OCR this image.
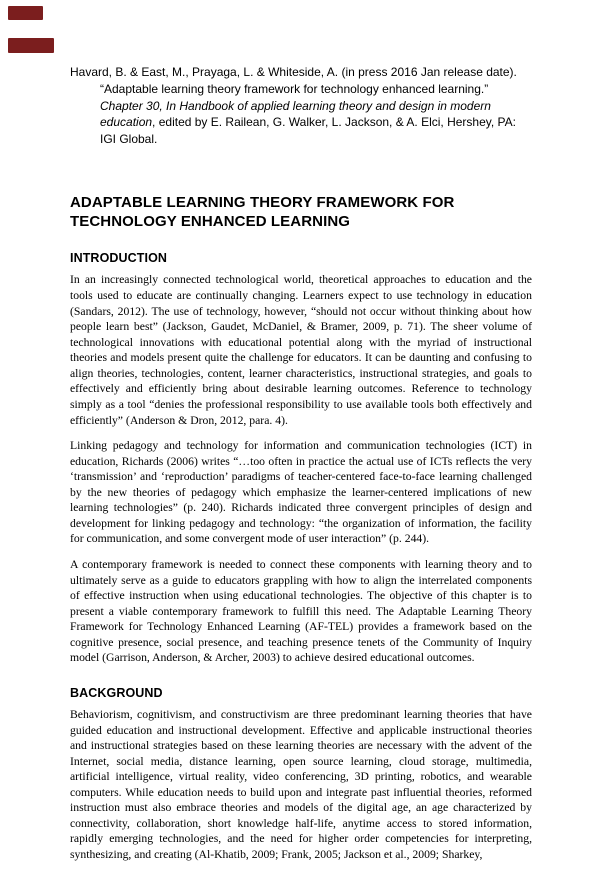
Havard, B. & East, M., Prayaga, L. & Whiteside, A. (in press 2016 Jan release date). “Adaptable learning theory framework for technology enhanced learning.” Chapter 30, In Handbook of applied learning theory and design in modern education, edited by E. Railean, G. Walker, L. Jackson, & A. Elci, Hershey, PA: IGI Global.

ADAPTABLE LEARNING THEORY FRAMEWORK FOR TECHNOLOGY ENHANCED LEARNING
INTRODUCTION

In an increasingly connected technological world, theoretical approaches to education and the tools used to educate are continually changing. Learners expect to use technology in education (Sandars, 2012). The use of technology, however, “should not occur without thinking about how people learn best” (Jackson, Gaudet, McDaniel, & Bramer, 2009, p. 71). The sheer volume of technological innovations with educational potential along with the myriad of instructional theories and models present quite the challenge for educators. It can be daunting and confusing to align theories, technologies, content, learner characteristics, instructional strategies, and goals to effectively and efficiently bring about desirable learning outcomes. Reference to technology simply as a tool “denies the professional responsibility to use available tools both effectively and efficiently” (Anderson & Dron, 2012, para. 4).

Linking pedagogy and technology for information and communication technologies (ICT) in education, Richards (2006) writes “…too often in practice the actual use of ICTs reflects the very ‘transmission’ and ‘reproduction’ paradigms of teacher-centered face-to-face learning challenged by the new theories of pedagogy which emphasize the learner-centered implications of new learning technologies” (p. 240). Richards indicated three convergent principles of design and development for linking pedagogy and technology: “the organization of information, the facility for communication, and some convergent mode of user interaction” (p. 244).

A contemporary framework is needed to connect these components with learning theory and to ultimately serve as a guide to educators grappling with how to align the interrelated components of effective instruction when using educational technologies. The objective of this chapter is to present a viable contemporary framework to fulfill this need. The Adaptable Learning Theory Framework for Technology Enhanced Learning (AF-TEL) provides a framework based on the cognitive presence, social presence, and teaching presence tenets of the Community of Inquiry model (Garrison, Anderson, & Archer, 2003) to achieve desired educational outcomes.

BACKGROUND

Behaviorism, cognitivism, and constructivism are three predominant learning theories that have guided education and instructional development. Effective and applicable instructional theories and instructional strategies based on these learning theories are necessary with the advent of the Internet, social media, distance learning, open source learning, cloud storage, multimedia, artificial intelligence, virtual reality, video conferencing, 3D printing, robotics, and wearable computers. While education needs to build upon and integrate past influential theories, reformed instruction must also embrace theories and models of the digital age, an age characterized by connectivity, collaboration, short knowledge half-life, anytime access to stored information, rapidly emerging technologies, and the need for higher order competencies for interpreting, synthesizing, and creating (Al-Khatib, 2009; Frank, 2005; Jackson et al., 2009; Sharkey,
